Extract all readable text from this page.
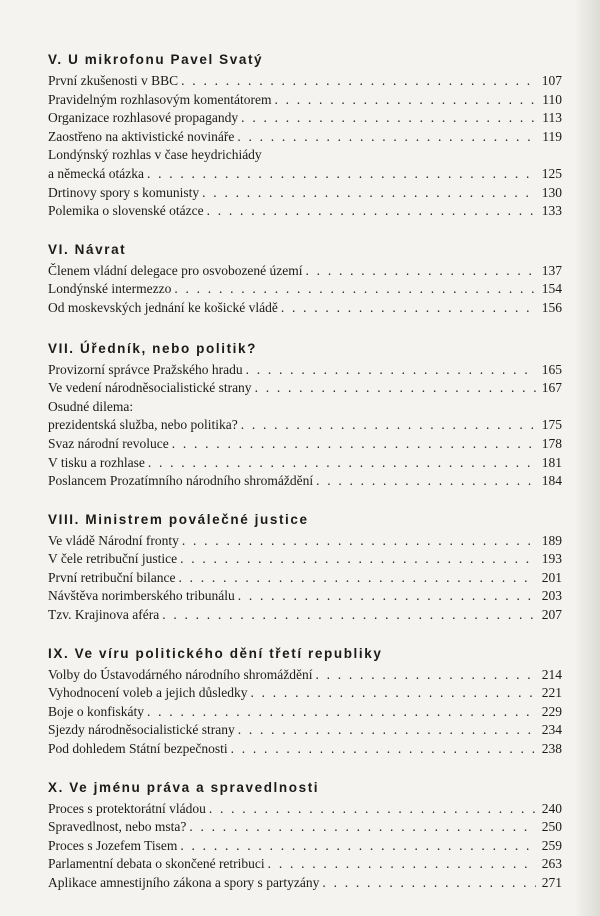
V. U mikrofonu Pavel Svatý
První zkušenosti v BBC . . .	107
Pravidelným rozhlasovým komentátorem . . .	110
Organizace rozhlasové propagandy . . .	113
Zaostřeno na aktivistické novináře . . .	119
Londýnský rozhlas v čase heydrichiády
a německá otázka . . .	125
Drtinovy spory s komunisty . . .	130
Polemika o slovenské otázce . . .	133
VI. Návrat
Členem vládní delegace pro osvobozené území . . .	137
Londýnské intermezzo . . .	154
Od moskevských jednání ke košické vládě . . .	156
VII. Úředník, nebo politik?
Provizorní správce Pražského hradu . . .	165
Ve vedení národněsocialistické strany . . .	167
Osudné dilema:
prezidentská služba, nebo politika? . . .	175
Svaz národní revoluce . . .	178
V tisku a rozhlase . . .	181
Poslancem Prozatímního národního shromáždění . . .	184
VIII. Ministrem poválečné justice
Ve vládě Národní fronty . . .	189
V čele retribuční justice . . .	193
První retribuční bilance . . .	201
Návštěva norimberského tribunálu . . .	203
Tzv. Krajinova aféra . . .	207
IX. Ve víru politického dění třetí republiky
Volby do Ústavodárného národního shromáždění . . .	214
Vyhodnocení voleb a jejich důsledky . . .	221
Boje o konfiskáty . . .	229
Sjezdy národněsocialistické strany . . .	234
Pod dohledem Státní bezpečnosti . . .	238
X. Ve jménu práva a spravedlnosti
Proces s protektorátní vládou . . .	240
Spravedlnost, nebo msta? . . .	250
Proces s Jozefem Tisem . . .	259
Parlamentní debata o skončené retribuci . . .	263
Aplikace amnestijního zákona a spory s partyzány . . .	271
